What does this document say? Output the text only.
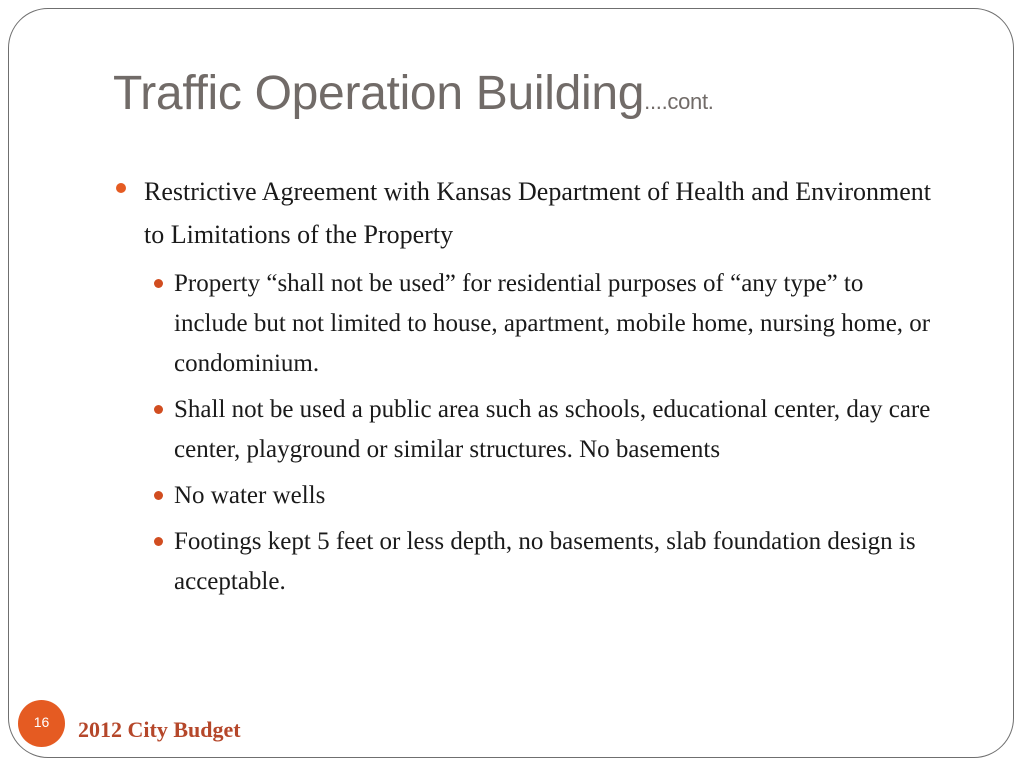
Traffic Operation Building....cont.
Restrictive Agreement with Kansas Department of Health and Environment to Limitations of the Property
Property “shall not be used” for residential purposes of “any type” to include but not limited to house, apartment, mobile home, nursing home, or condominium.
Shall not be used a public area such as schools, educational center, day care center, playground or similar structures. No basements
No water wells
Footings kept 5 feet or less depth, no basements, slab foundation design is acceptable.
16	2012 City Budget
